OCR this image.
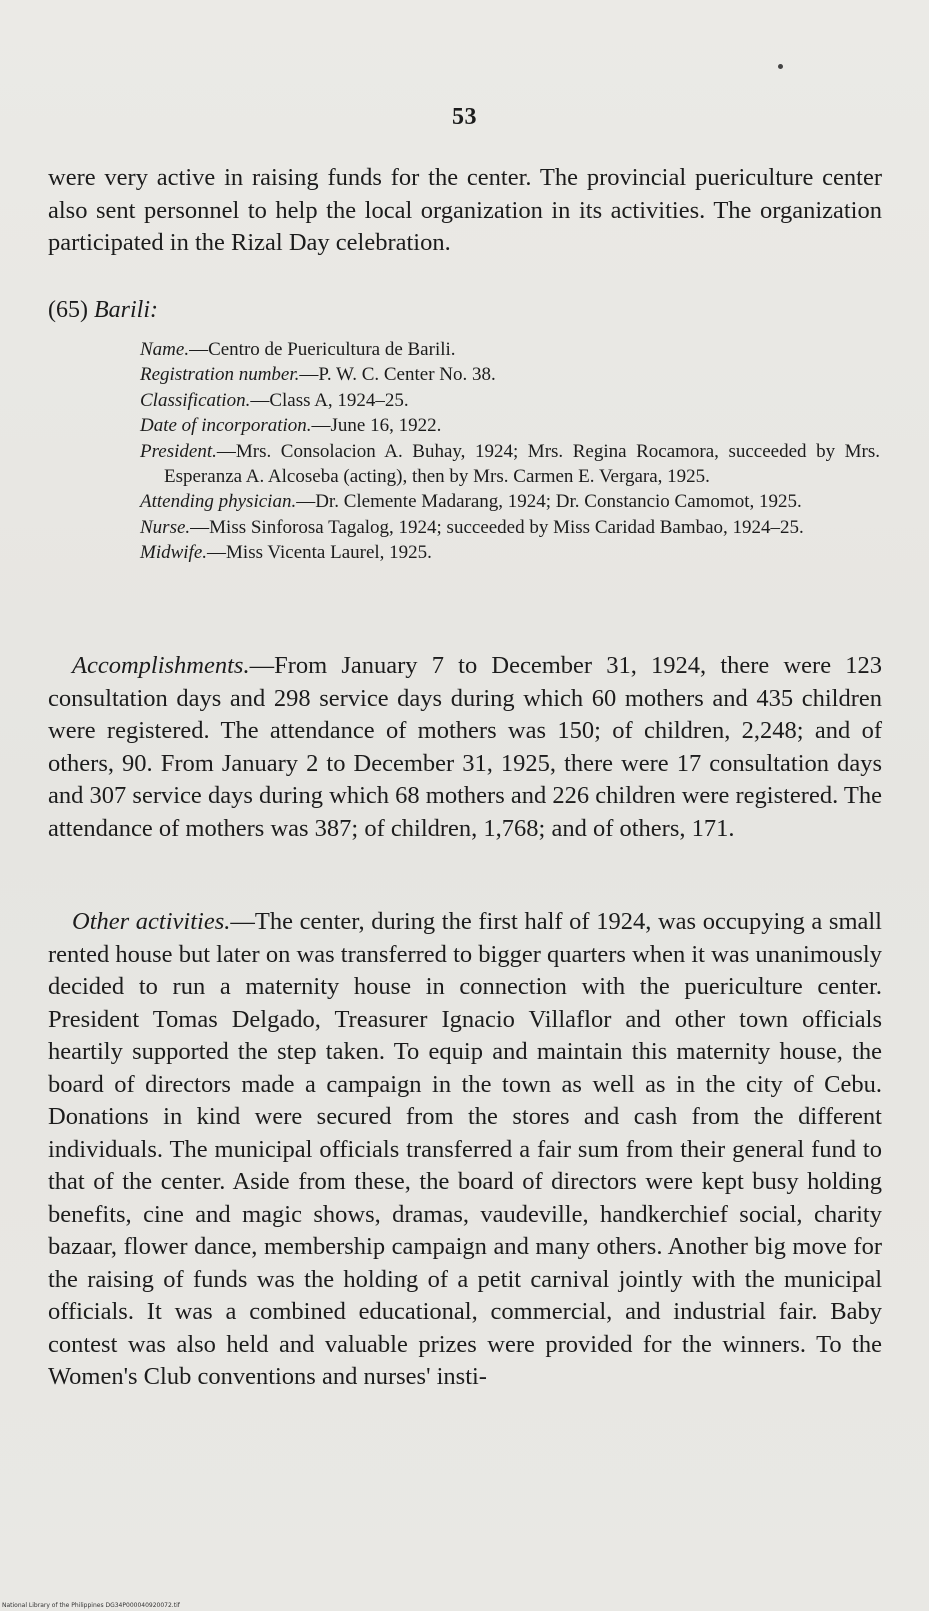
53

were very active in raising funds for the center. The provincial puericulture center also sent personnel to help the local organization in its activities. The organization participated in the Rizal Day celebration.

(65) Barili:
Name.—Centro de Puericultura de Barili.
Registration number.—P. W. C. Center No. 38.
Classification.—Class A, 1924–25.
Date of incorporation.—June 16, 1922.
President.—Mrs. Consolacion A. Buhay, 1924; Mrs. Regina Rocamora, succeeded by Mrs. Esperanza A. Alcoseba (acting), then by Mrs. Carmen E. Vergara, 1925.
Attending physician.—Dr. Clemente Madarang, 1924; Dr. Constancio Camomot, 1925.
Nurse.—Miss Sinforosa Tagalog, 1924; succeeded by Miss Caridad Bambao, 1924–25.
Midwife.—Miss Vicenta Laurel, 1925.

Accomplishments.—From January 7 to December 31, 1924, there were 123 consultation days and 298 service days during which 60 mothers and 435 children were registered. The attendance of mothers was 150; of children, 2,248; and of others, 90. From January 2 to December 31, 1925, there were 17 consultation days and 307 service days during which 68 mothers and 226 children were registered. The attendance of mothers was 387; of children, 1,768; and of others, 171.

Other activities.—The center, during the first half of 1924, was occupying a small rented house but later on was transferred to bigger quarters when it was unanimously decided to run a maternity house in connection with the puericulture center. President Tomas Delgado, Treasurer Ignacio Villaflor and other town officials heartily supported the step taken. To equip and maintain this maternity house, the board of directors made a campaign in the town as well as in the city of Cebu. Donations in kind were secured from the stores and cash from the different individuals. The municipal officials transferred a fair sum from their general fund to that of the center. Aside from these, the board of directors were kept busy holding benefits, cine and magic shows, dramas, vaudeville, handkerchief social, charity bazaar, flower dance, membership campaign and many others. Another big move for the raising of funds was the holding of a petit carnival jointly with the municipal officials. It was a combined educational, commercial, and industrial fair. Baby contest was also held and valuable prizes were provided for the winners. To the Women's Club conventions and nurses' insti-

National Library of the Philippines DG34P000040920072.tif
